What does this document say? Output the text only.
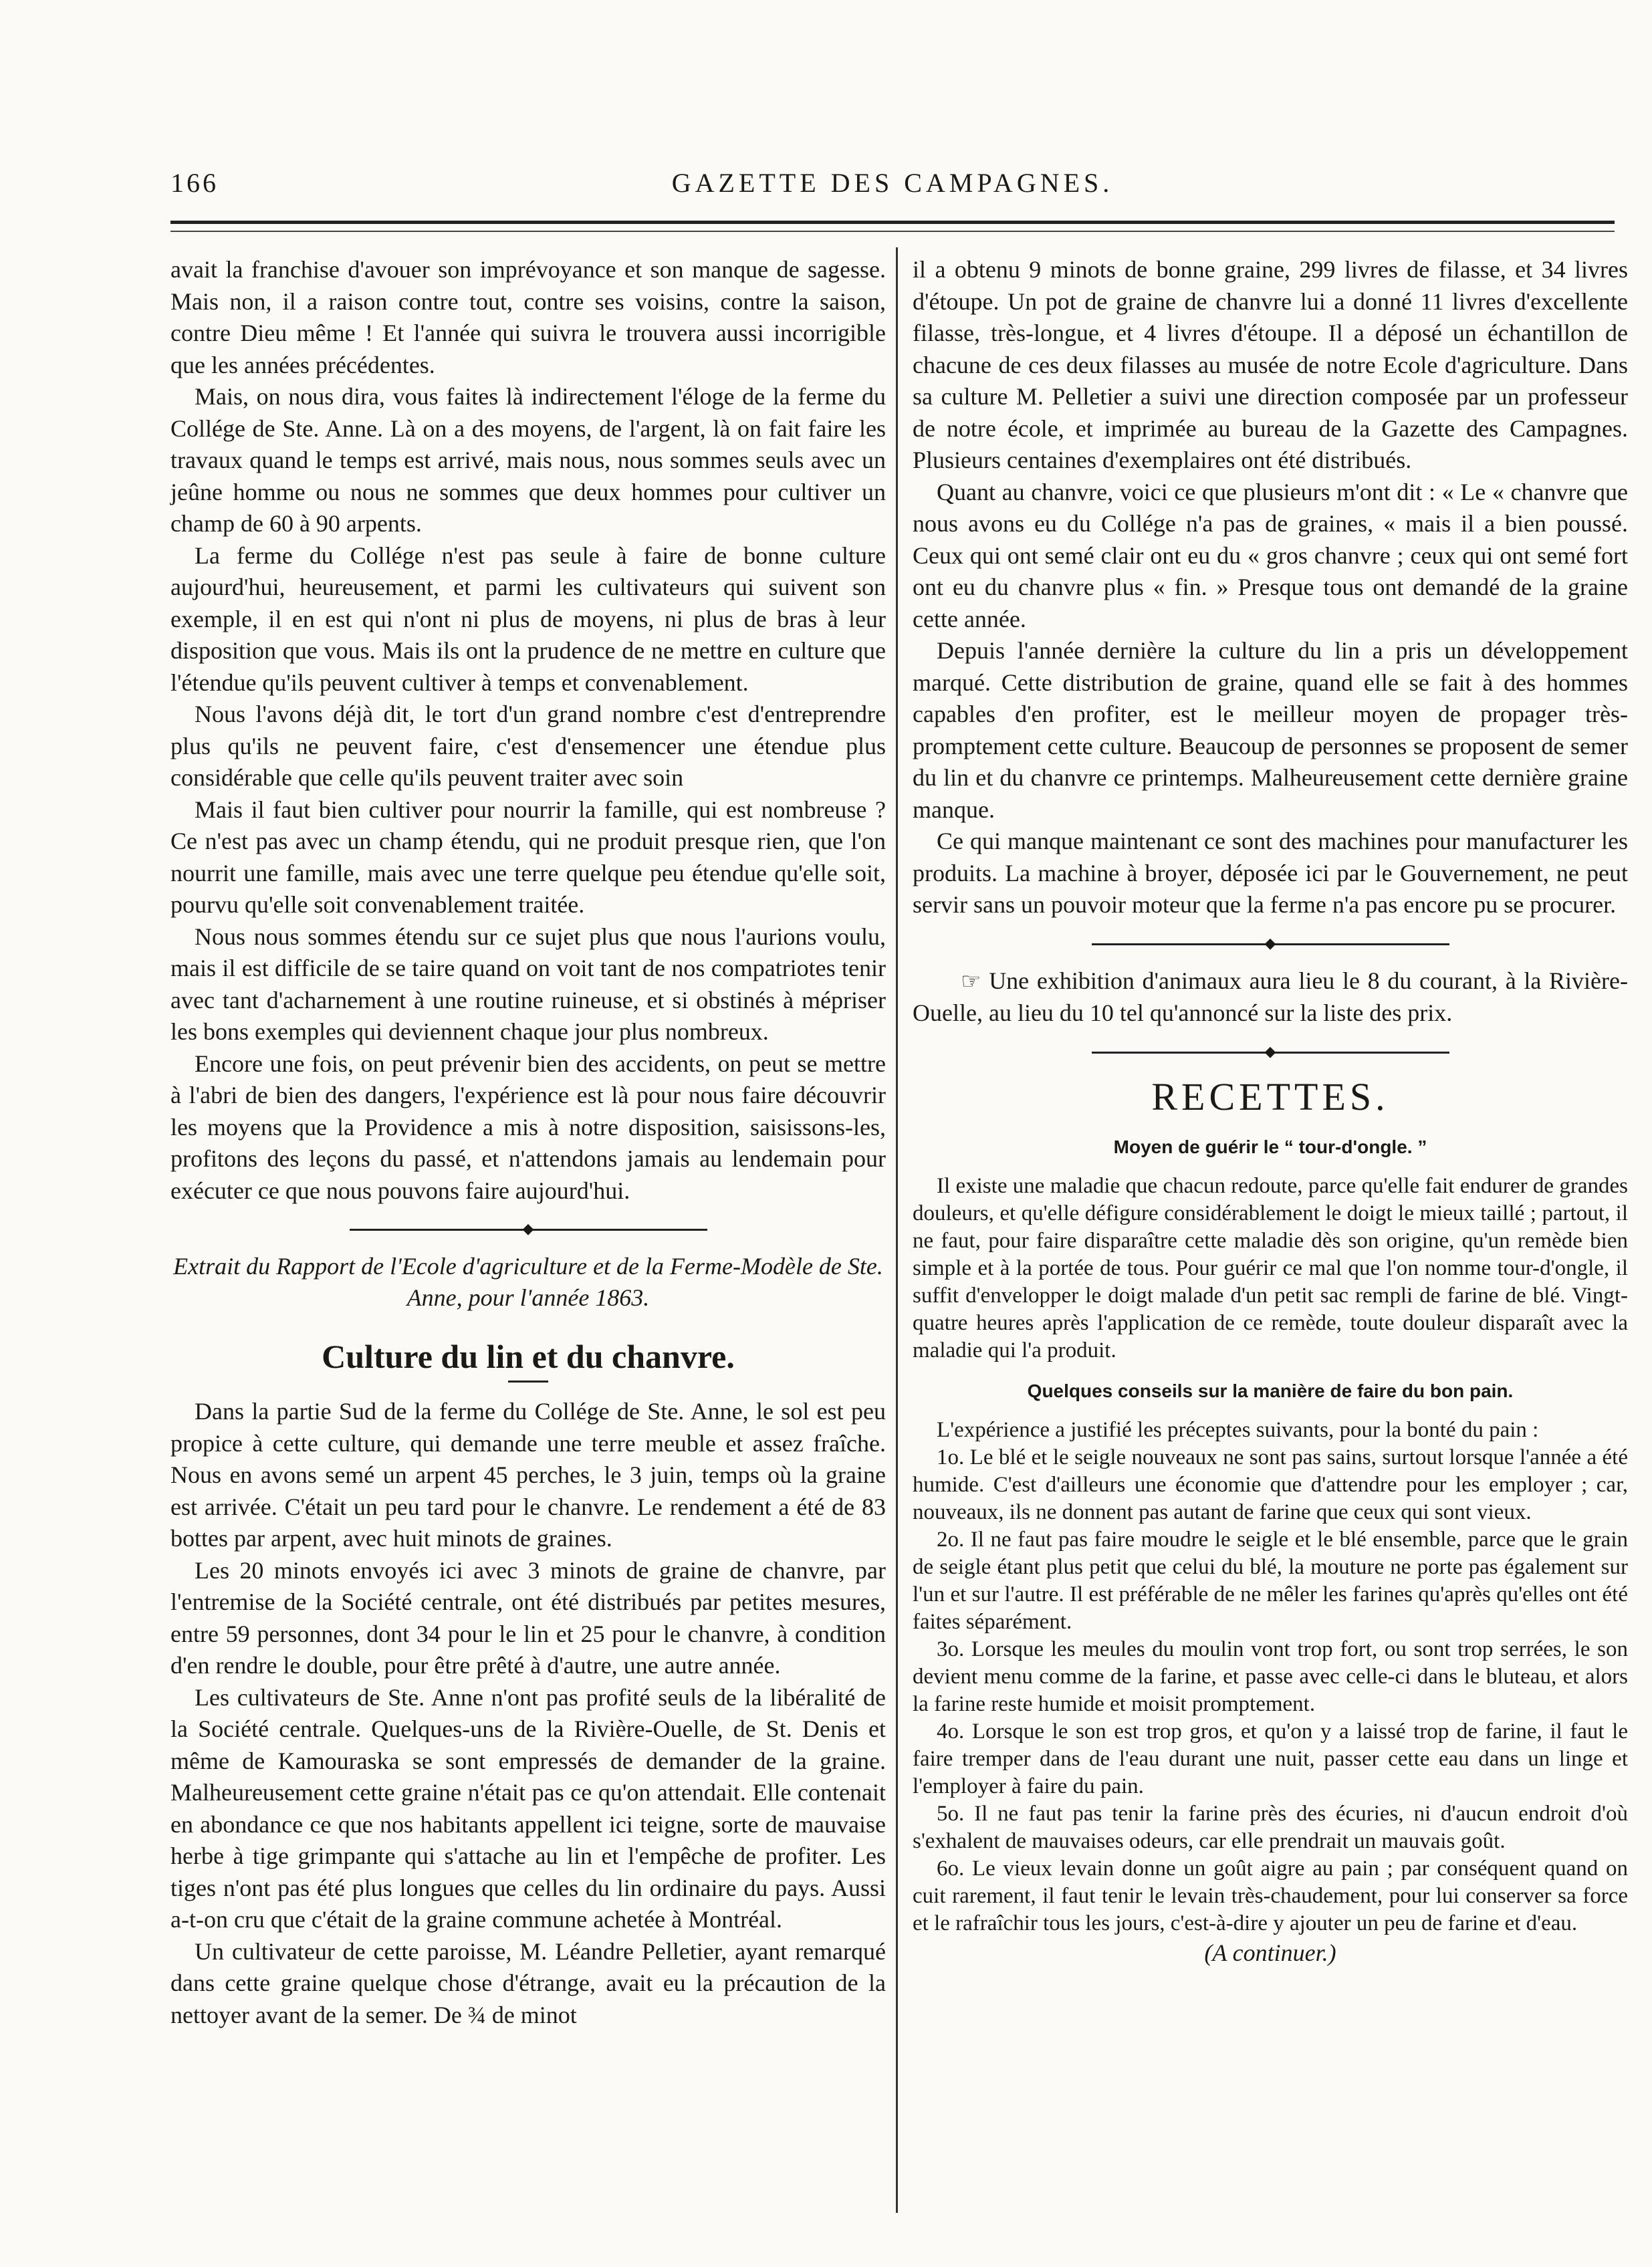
166	GAZETTE DES CAMPAGNES.

avait la franchise d'avouer son imprévoyance et son manque de sagesse. Mais non, il a raison contre tout, contre ses voisins, contre la saison, contre Dieu même ! Et l'année qui suivra le trouvera aussi incorrigible que les années précédentes.

Mais, on nous dira, vous faites là indirectement l'éloge de la ferme du Collége de Ste. Anne. Là on a des moyens, de l'argent, là on fait faire les travaux quand le temps est arrivé, mais nous, nous sommes seuls avec un jeûne homme ou nous ne sommes que deux hommes pour cultiver un champ de 60 à 90 arpents.

La ferme du Collége n'est pas seule à faire de bonne culture aujourd'hui, heureusement, et parmi les cultivateurs qui suivent son exemple, il en est qui n'ont ni plus de moyens, ni plus de bras à leur disposition que vous. Mais ils ont la prudence de ne mettre en culture que l'étendue qu'ils peuvent cultiver à temps et convenablement.

Nous l'avons déjà dit, le tort d'un grand nombre c'est d'entreprendre plus qu'ils ne peuvent faire, c'est d'ensemencer une étendue plus considérable que celle qu'ils peuvent traiter avec soin

Mais il faut bien cultiver pour nourrir la famille, qui est nombreuse ? Ce n'est pas avec un champ étendu, qui ne produit presque rien, que l'on nourrit une famille, mais avec une terre quelque peu étendue qu'elle soit, pourvu qu'elle soit convenablement traitée.

Nous nous sommes étendu sur ce sujet plus que nous l'aurions voulu, mais il est difficile de se taire quand on voit tant de nos compatriotes tenir avec tant d'acharnement à une routine ruineuse, et si obstinés à mépriser les bons exemples qui deviennent chaque jour plus nombreux.

Encore une fois, on peut prévenir bien des accidents, on peut se mettre à l'abri de bien des dangers, l'expérience est là pour nous faire découvrir les moyens que la Providence a mis à notre disposition, saisissons-les, profitons des leçons du passé, et n'attendons jamais au lendemain pour exécuter ce que nous pouvons faire aujourd'hui.

◆
Extrait du Rapport de l'Ecole d'agriculture et de la Ferme-Modèle de Ste. Anne, pour l'année 1863.
Culture du lin et du chanvre.

Dans la partie Sud de la ferme du Collége de Ste. Anne, le sol est peu propice à cette culture, qui demande une terre meuble et assez fraîche. Nous en avons semé un arpent 45 perches, le 3 juin, temps où la graine est arrivée. C'était un peu tard pour le chanvre. Le rendement a été de 83 bottes par arpent, avec huit minots de graines.

Les 20 minots envoyés ici avec 3 minots de graine de chanvre, par l'entremise de la Société centrale, ont été distribués par petites mesures, entre 59 personnes, dont 34 pour le lin et 25 pour le chanvre, à condition d'en rendre le double, pour être prêté à d'autre, une autre année.

Les cultivateurs de Ste. Anne n'ont pas profité seuls de la libéralité de la Société centrale. Quelques-uns de la Rivière-Ouelle, de St. Denis et même de Kamouraska se sont empressés de demander de la graine. Malheureusement cette graine n'était pas ce qu'on attendait. Elle contenait en abondance ce que nos habitants appellent ici teigne, sorte de mauvaise herbe à tige grimpante qui s'attache au lin et l'empêche de profiter. Les tiges n'ont pas été plus longues que celles du lin ordinaire du pays. Aussi a-t-on cru que c'était de la graine commune achetée à Montréal.

Un cultivateur de cette paroisse, M. Léandre Pelletier, ayant remarqué dans cette graine quelque chose d'étrange, avait eu la précaution de la nettoyer avant de la semer. De ¾ de minot

il a obtenu 9 minots de bonne graine, 299 livres de filasse, et 34 livres d'étoupe. Un pot de graine de chanvre lui a donné 11 livres d'excellente filasse, très-longue, et 4 livres d'étoupe. Il a déposé un échantillon de chacune de ces deux filasses au musée de notre Ecole d'agriculture. Dans sa culture M. Pelletier a suivi une direction composée par un professeur de notre école, et imprimée au bureau de la Gazette des Campagnes. Plusieurs centaines d'exemplaires ont été distribués.

Quant au chanvre, voici ce que plusieurs m'ont dit : « Le « chanvre que nous avons eu du Collége n'a pas de graines, « mais il a bien poussé. Ceux qui ont semé clair ont eu du « gros chanvre ; ceux qui ont semé fort ont eu du chanvre plus « fin. » Presque tous ont demandé de la graine cette année.

Depuis l'année dernière la culture du lin a pris un développement marqué. Cette distribution de graine, quand elle se fait à des hommes capables d'en profiter, est le meilleur moyen de propager très-promptement cette culture. Beaucoup de personnes se proposent de semer du lin et du chanvre ce printemps. Malheureusement cette dernière graine manque.

Ce qui manque maintenant ce sont des machines pour manufacturer les produits. La machine à broyer, déposée ici par le Gouvernement, ne peut servir sans un pouvoir moteur que la ferme n'a pas encore pu se procurer.

◆

☞ Une exhibition d'animaux aura lieu le 8 du courant, à la Rivière-Ouelle, au lieu du 10 tel qu'annoncé sur la liste des prix.

◆
RECETTES.
Moyen de guérir le “ tour-d'ongle. ”

Il existe une maladie que chacun redoute, parce qu'elle fait endurer de grandes douleurs, et qu'elle défigure considérablement le doigt le mieux taillé ; partout, il ne faut, pour faire disparaître cette maladie dès son origine, qu'un remède bien simple et à la portée de tous. Pour guérir ce mal que l'on nomme tour-d'ongle, il suffit d'envelopper le doigt malade d'un petit sac rempli de farine de blé. Vingt-quatre heures après l'application de ce remède, toute douleur disparaît avec la maladie qui l'a produit.

Quelques conseils sur la manière de faire du bon pain.

L'expérience a justifié les préceptes suivants, pour la bonté du pain :

1o. Le blé et le seigle nouveaux ne sont pas sains, surtout lorsque l'année a été humide. C'est d'ailleurs une économie que d'attendre pour les employer ; car, nouveaux, ils ne donnent pas autant de farine que ceux qui sont vieux.

2o. Il ne faut pas faire moudre le seigle et le blé ensemble, parce que le grain de seigle étant plus petit que celui du blé, la mouture ne porte pas également sur l'un et sur l'autre. Il est préférable de ne mêler les farines qu'après qu'elles ont été faites séparément.

3o. Lorsque les meules du moulin vont trop fort, ou sont trop serrées, le son devient menu comme de la farine, et passe avec celle-ci dans le bluteau, et alors la farine reste humide et moisit promptement.

4o. Lorsque le son est trop gros, et qu'on y a laissé trop de farine, il faut le faire tremper dans de l'eau durant une nuit, passer cette eau dans un linge et l'employer à faire du pain.

5o. Il ne faut pas tenir la farine près des écuries, ni d'aucun endroit d'où s'exhalent de mauvaises odeurs, car elle prendrait un mauvais goût.

6o. Le vieux levain donne un goût aigre au pain ; par conséquent quand on cuit rarement, il faut tenir le levain très-chaudement, pour lui conserver sa force et le rafraîchir tous les jours, c'est-à-dire y ajouter un peu de farine et d'eau.

(A continuer.)
